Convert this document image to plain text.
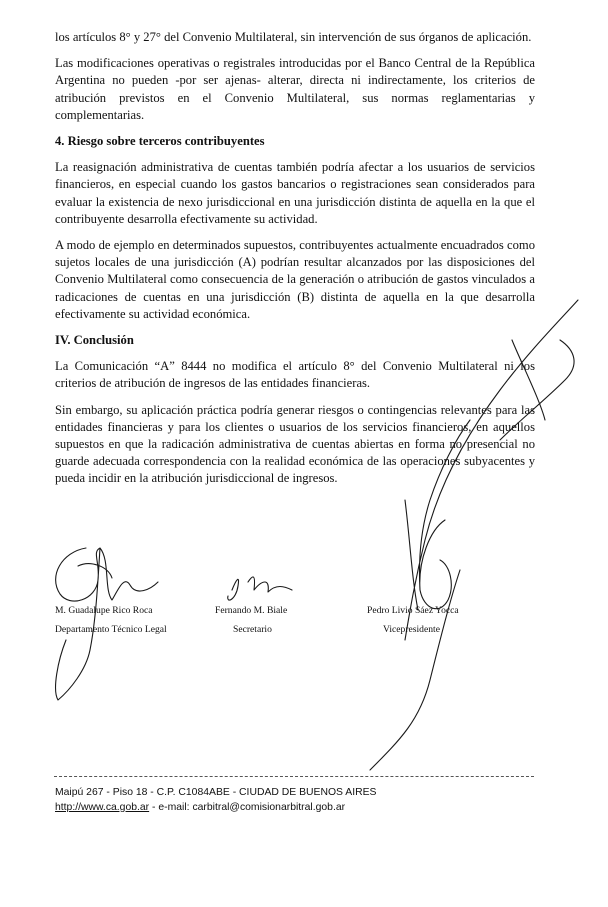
los artículos 8° y 27° del Convenio Multilateral, sin intervención de sus órganos de aplicación.

Las modificaciones operativas o registrales introducidas por el Banco Central de la República Argentina no pueden -por ser ajenas- alterar, directa ni indirectamente, los criterios de atribución previstos en el Convenio Multilateral, sus normas reglamentarias y complementarias.

4. Riesgo sobre terceros contribuyentes

La reasignación administrativa de cuentas también podría afectar a los usuarios de servicios financieros, en especial cuando los gastos bancarios o registraciones sean considerados para evaluar la existencia de nexo jurisdiccional en una jurisdicción distinta de aquella en la que el contribuyente desarrolla efectivamente su actividad.

A modo de ejemplo en determinados supuestos, contribuyentes actualmente encuadrados como sujetos locales de una jurisdicción (A) podrían resultar alcanzados por las disposiciones del Convenio Multilateral como consecuencia de la generación o atribución de gastos vinculados a radicaciones de cuentas en una jurisdicción (B) distinta de aquella en la que desarrolla efectivamente su actividad económica.

IV. Conclusión

La Comunicación “A” 8444 no modifica el artículo 8° del Convenio Multilateral ni los criterios de atribución de ingresos de las entidades financieras.

Sin embargo, su aplicación práctica podría generar riesgos o contingencias relevantes para las entidades financieras y para los clientes o usuarios de los servicios financieros, en aquellos supuestos en que la radicación administrativa de cuentas abiertas en forma no presencial no guarde adecuada correspondencia con la realidad económica de las operaciones subyacentes y pueda incidir en la atribución jurisdiccional de ingresos.

M. Guadalupe Rico Roca
Departamento Técnico Legal
Fernando M. Biale
Secretario
Pedro Livio Sáez Yocca
Vicepresidente
Maipú 267 - Piso 18 - C.P. C1084ABE - CIUDAD DE BUENOS AIRES
http://www.ca.gob.ar - e-mail: carbitral@comisionarbitral.gob.ar
